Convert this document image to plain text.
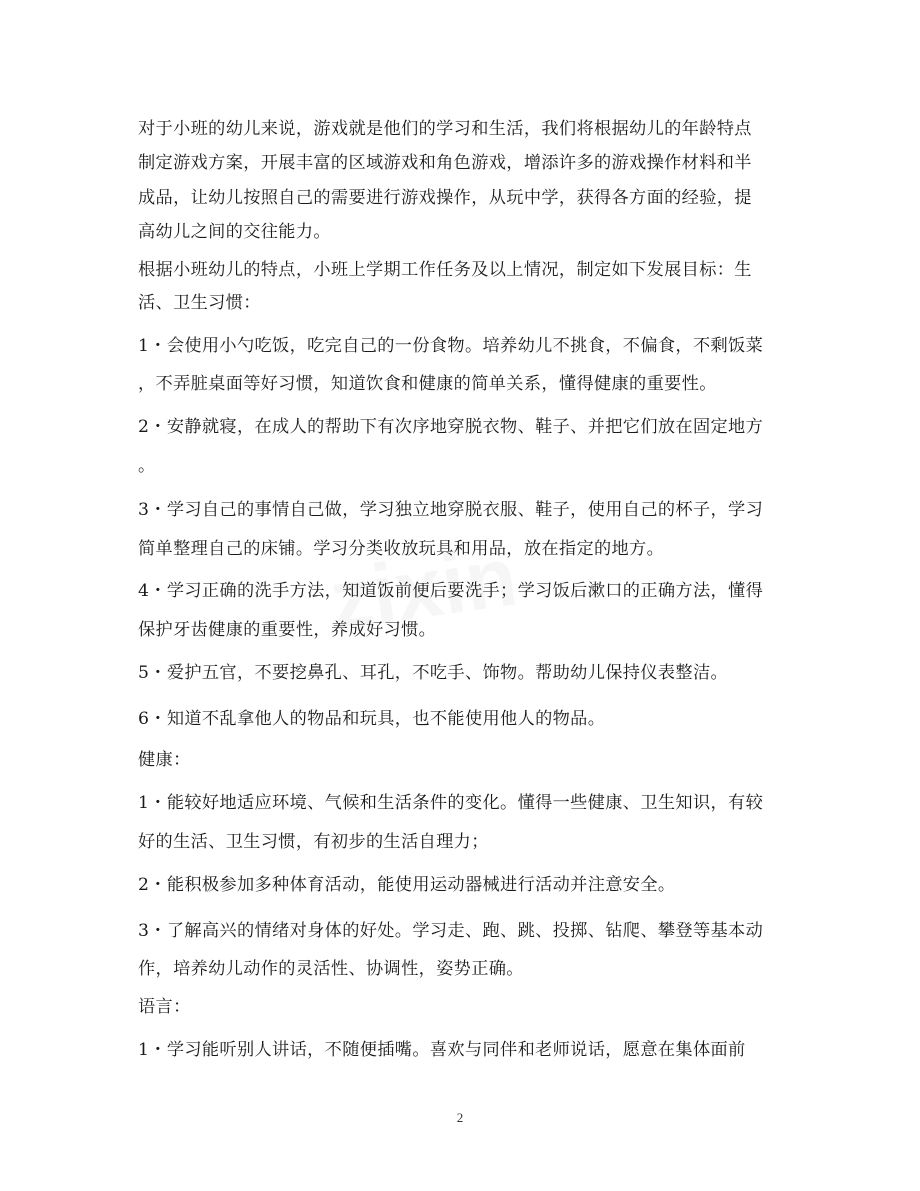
对于小班的幼儿来说，游戏就是他们的学习和生活，我们将根据幼儿的年龄特点
制定游戏方案，开展丰富的区域游戏和角色游戏，增添许多的游戏操作材料和半
成品，让幼儿按照自己的需要进行游戏操作，从玩中学，获得各方面的经验，提
高幼儿之间的交往能力。
根据小班幼儿的特点，小班上学期工作任务及以上情况，制定如下发展目标：生
活、卫生习惯：
1・会使用小勺吃饭，吃完自己的一份食物。培养幼儿不挑食，不偏食，不剩饭菜
，不弄脏桌面等好习惯，知道饮食和健康的简单关系，懂得健康的重要性。
2・安静就寝，在成人的帮助下有次序地穿脱衣物、鞋子、并把它们放在固定地方
。
3・学习自己的事情自己做，学习独立地穿脱衣服、鞋子，使用自己的杯子，学习
简单整理自己的床铺。学习分类收放玩具和用品，放在指定的地方。
4・学习正确的洗手方法，知道饭前便后要洗手；学习饭后漱口的正确方法，懂得
保护牙齿健康的重要性，养成好习惯。
5・爱护五官，不要挖鼻孔、耳孔，不吃手、饰物。帮助幼儿保持仪表整洁。
6・知道不乱拿他人的物品和玩具，也不能使用他人的物品。
健康：
1・能较好地适应环境、气候和生活条件的变化。懂得一些健康、卫生知识，有较
好的生活、卫生习惯，有初步的生活自理力；
2・能积极参加多种体育活动，能使用运动器械进行活动并注意安全。
3・了解高兴的情绪对身体的好处。学习走、跑、跳、投掷、钻爬、攀登等基本动
作，培养幼儿动作的灵活性、协调性，姿势正确。
语言：
1・学习能听别人讲话，不随便插嘴。喜欢与同伴和老师说话，愿意在集体面前
2
